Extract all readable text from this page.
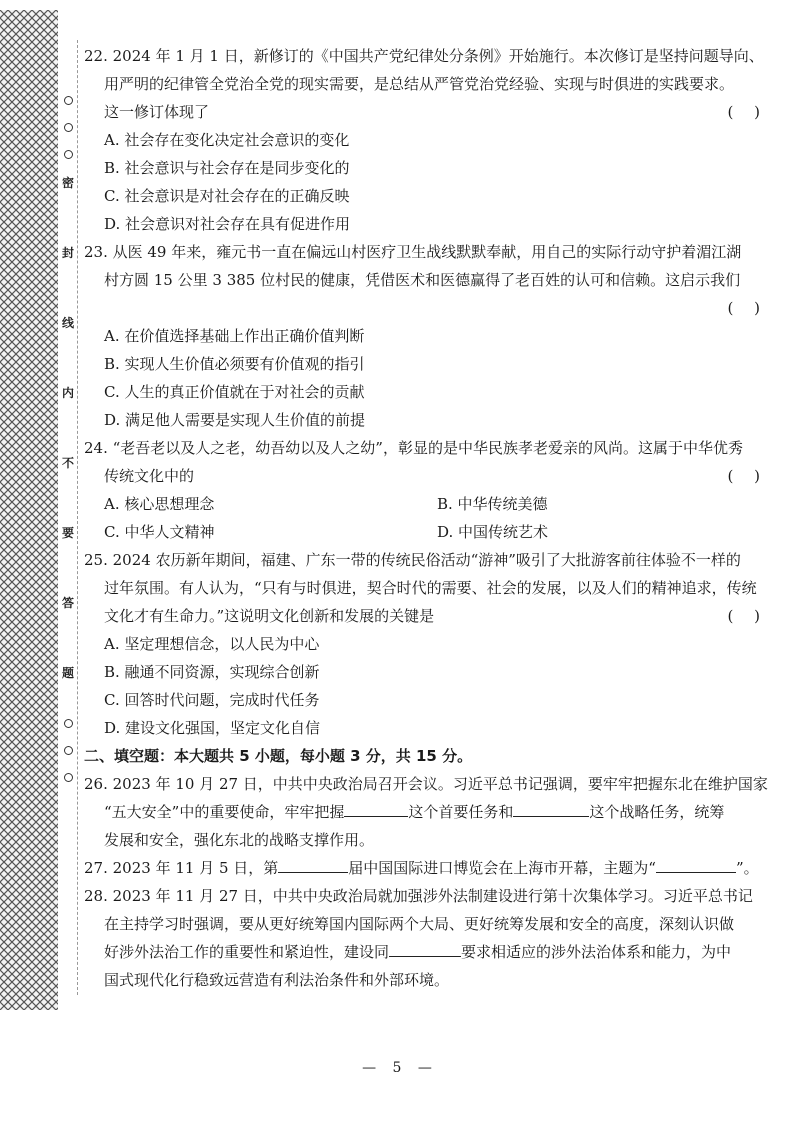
密
封
线
内
不
要
答
题
22. 2024 年 1 月 1 日，新修订的《中国共产党纪律处分条例》开始施行。本次修订是坚持问题导向、
用严明的纪律管全党治全党的现实需要，是总结从严管党治党经验、实现与时俱进的实践要求。
这一修订体现了	( )
A. 社会存在变化决定社会意识的变化
B. 社会意识与社会存在是同步变化的
C. 社会意识是对社会存在的正确反映
D. 社会意识对社会存在具有促进作用
23. 从医 49 年来，雍元书一直在偏远山村医疗卫生战线默默奉献，用自己的实际行动守护着湄江湖
村方圆 15 公里 3 385 位村民的健康，凭借医术和医德赢得了老百姓的认可和信赖。这启示我们
( )
A. 在价值选择基础上作出正确价值判断
B. 实现人生价值必须要有价值观的指引
C. 人生的真正价值就在于对社会的贡献
D. 满足他人需要是实现人生价值的前提
24. “老吾老以及人之老，幼吾幼以及人之幼”，彰显的是中华民族孝老爱亲的风尚。这属于中华优秀
传统文化中的	( )
A. 核心思想理念	B. 中华传统美德
C. 中华人文精神	D. 中国传统艺术
25. 2024 农历新年期间，福建、广东一带的传统民俗活动“游神”吸引了大批游客前往体验不一样的
过年氛围。有人认为，“只有与时俱进，契合时代的需要、社会的发展，以及人们的精神追求，传统
文化才有生命力。”这说明文化创新和发展的关键是	( )
A. 坚定理想信念，以人民为中心
B. 融通不同资源，实现综合创新
C. 回答时代问题，完成时代任务
D. 建设文化强国，坚定文化自信
二、填空题：本大题共 5 小题，每小题 3 分，共 15 分。
26. 2023 年 10 月 27 日，中共中央政治局召开会议。习近平总书记强调，要牢牢把握东北在维护国家
“五大安全”中的重要使命，牢牢把握	这个首要任务和	这个战略任务，统筹
发展和安全，强化东北的战略支撑作用。
27. 2023 年 11 月 5 日，第	届中国国际进口博览会在上海市开幕，主题为“	”。
28. 2023 年 11 月 27 日，中共中央政治局就加强涉外法制建设进行第十次集体学习。习近平总书记
在主持学习时强调，要从更好统筹国内国际两个大局、更好统筹发展和安全的高度，深刻认识做
好涉外法治工作的重要性和紧迫性，建设同	要求相适应的涉外法治体系和能力，为中
国式现代化行稳致远营造有利法治条件和外部环境。
— 5 —
